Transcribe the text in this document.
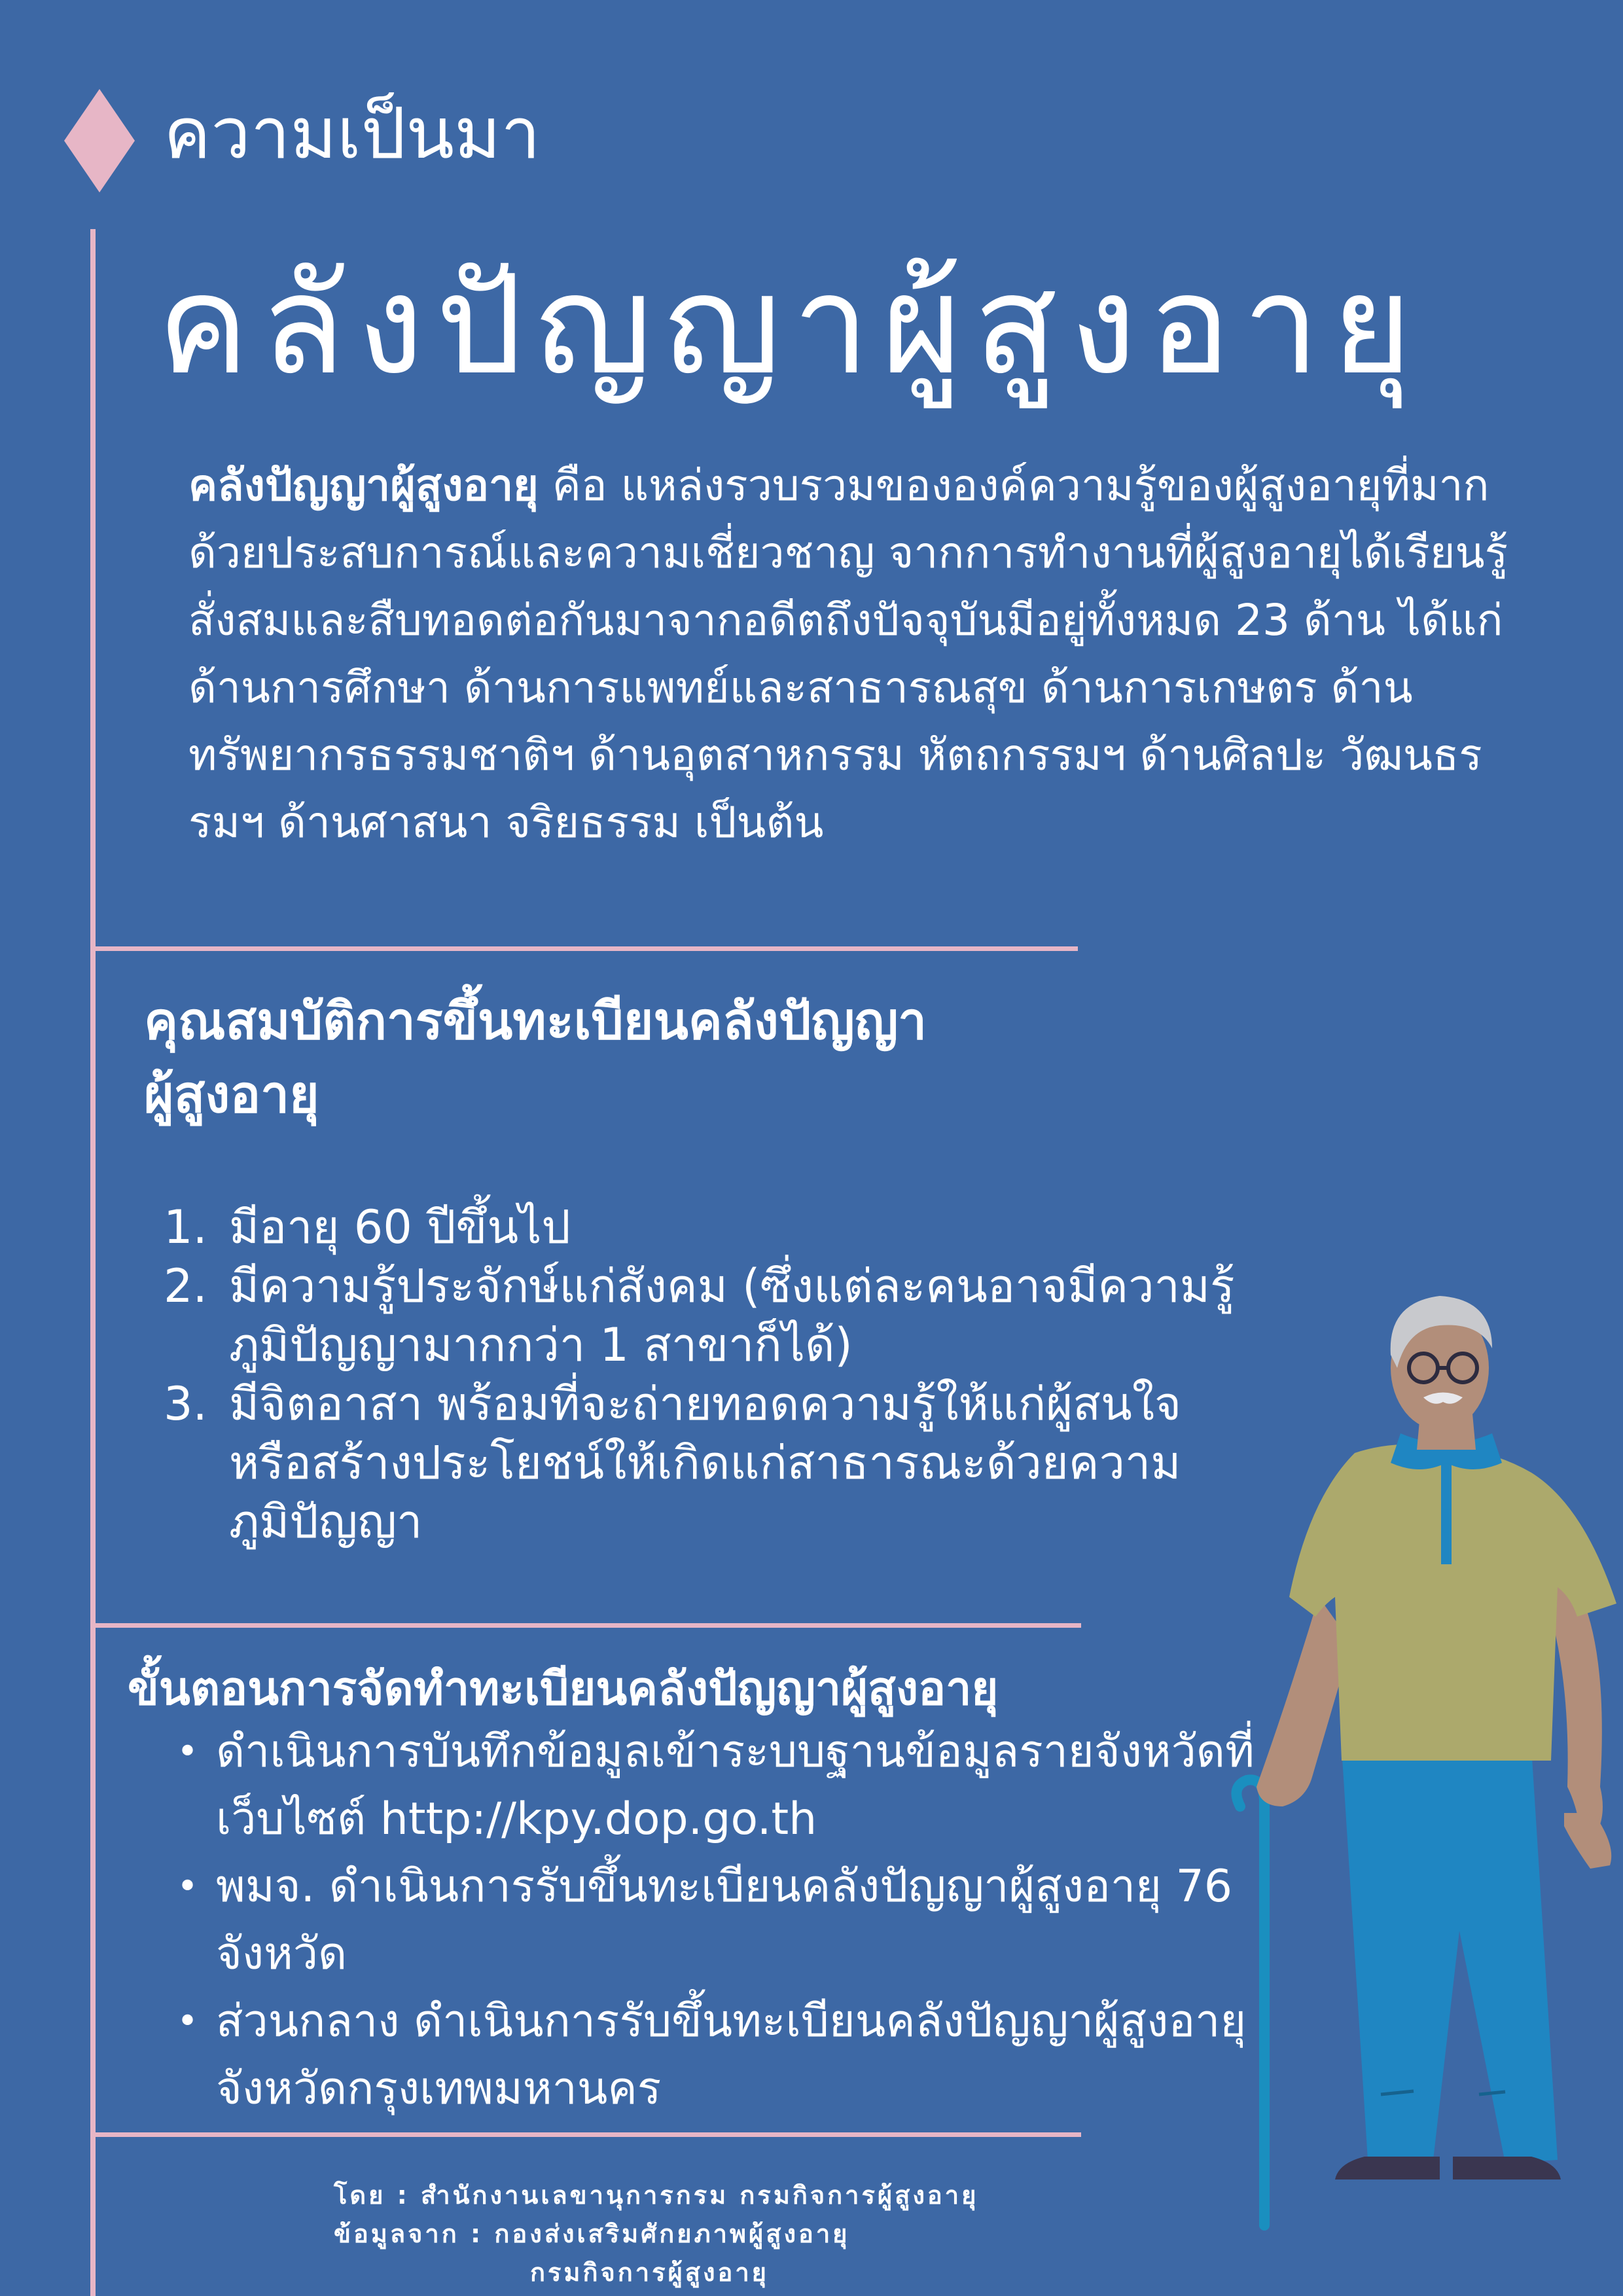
ความเป็นมา
คลังปัญญาผู้สูงอายุ
คลังปัญญาผู้สูงอายุ คือ แหล่งรวบรวมขององค์ความรู้ของผู้สูงอายุที่มากด้วยประสบการณ์และความเชี่ยวชาญ จากการทำงานที่ผู้สูงอายุได้เรียนรู้สั่งสมและสืบทอดต่อกันมาจากอดีตถึงปัจจุบันมีอยู่ทั้งหมด 23 ด้าน ได้แก่ ด้านการศึกษา ด้านการแพทย์และสาธารณสุข ด้านการเกษตร ด้านทรัพยากรธรรมชาติฯ ด้านอุตสาหกรรม หัตถกรรมฯ ด้านศิลปะ วัฒนธรรมฯ ด้านศาสนา จริยธรรม เป็นต้น
คุณสมบัติการขึ้นทะเบียนคลังปัญญา
ผู้สูงอายุ
1. มีอายุ 60 ปีขึ้นไป
2. มีความรู้ประจักษ์แก่สังคม (ซึ่งแต่ละคนอาจมีความรู้ภูมิปัญญามากกว่า 1 สาขาก็ได้)
3. มีจิตอาสา พร้อมที่จะถ่ายทอดความรู้ให้แก่ผู้สนใจหรือสร้างประโยชน์ให้เกิดแก่สาธารณะด้วยความภูมิปัญญา
ขั้นตอนการจัดทำทะเบียนคลังปัญญาผู้สูงอายุ
• ดำเนินการบันทึกข้อมูลเข้าระบบฐานข้อมูลรายจังหวัดที่เว็บไซต์ http://kpy.dop.go.th
• พมจ. ดำเนินการรับขึ้นทะเบียนคลังปัญญาผู้สูงอายุ 76 จังหวัด
• ส่วนกลาง ดำเนินการรับขึ้นทะเบียนคลังปัญญาผู้สูงอายุจังหวัดกรุงเทพมหานคร
โดย : สำนักงานเลขานุการกรม กรมกิจการผู้สูงอายุ
ข้อมูลจาก : กองส่งเสริมศักยภาพผู้สูงอายุ
กรมกิจการผู้สูงอายุ
